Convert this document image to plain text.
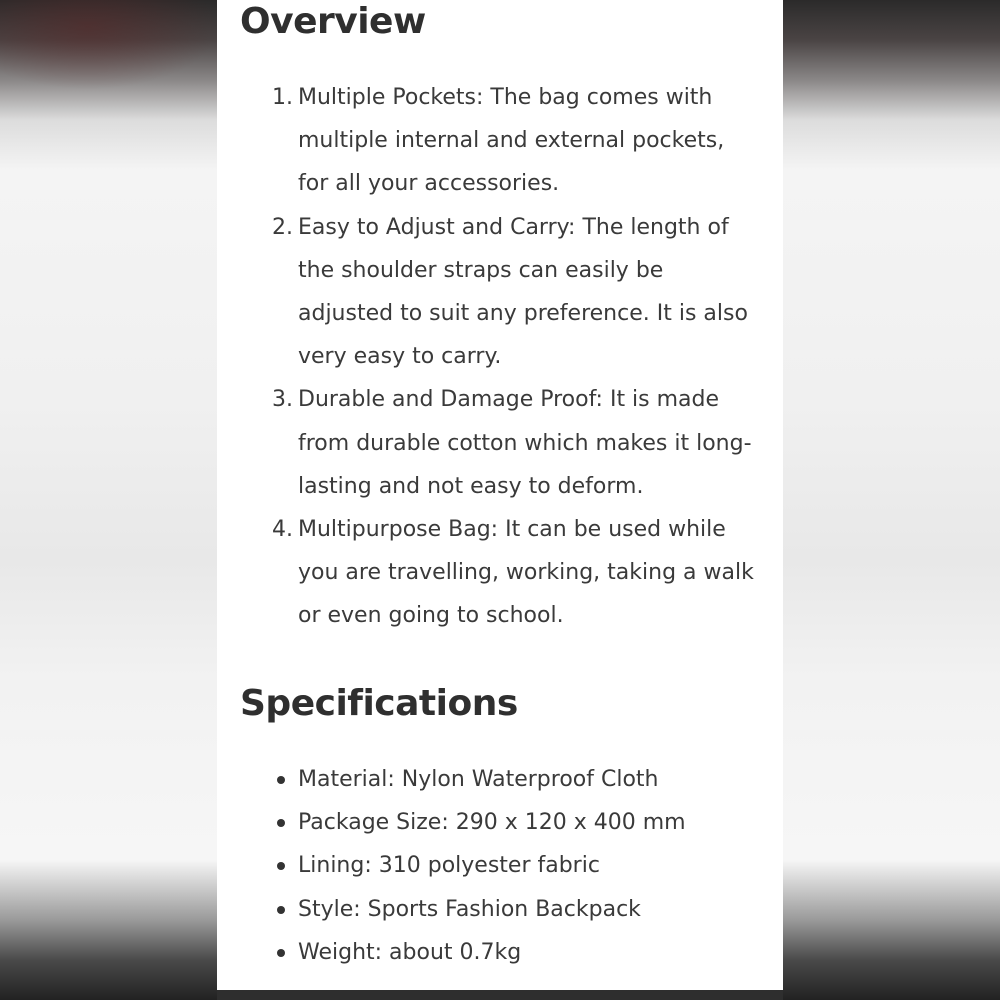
Overview
1. Multiple Pockets: The bag comes with multiple internal and external pockets, for all your accessories.
2. Easy to Adjust and Carry: The length of the shoulder straps can easily be adjusted to suit any preference. It is also very easy to carry.
3. Durable and Damage Proof: It is made from durable cotton which makes it long-lasting and not easy to deform.
4. Multipurpose Bag: It can be used while you are travelling, working, taking a walk or even going to school.
Specifications
Material: Nylon Waterproof Cloth
Package Size: 290 x 120 x 400 mm
Lining: 310 polyester fabric
Style: Sports Fashion Backpack
Weight: about 0.7kg
